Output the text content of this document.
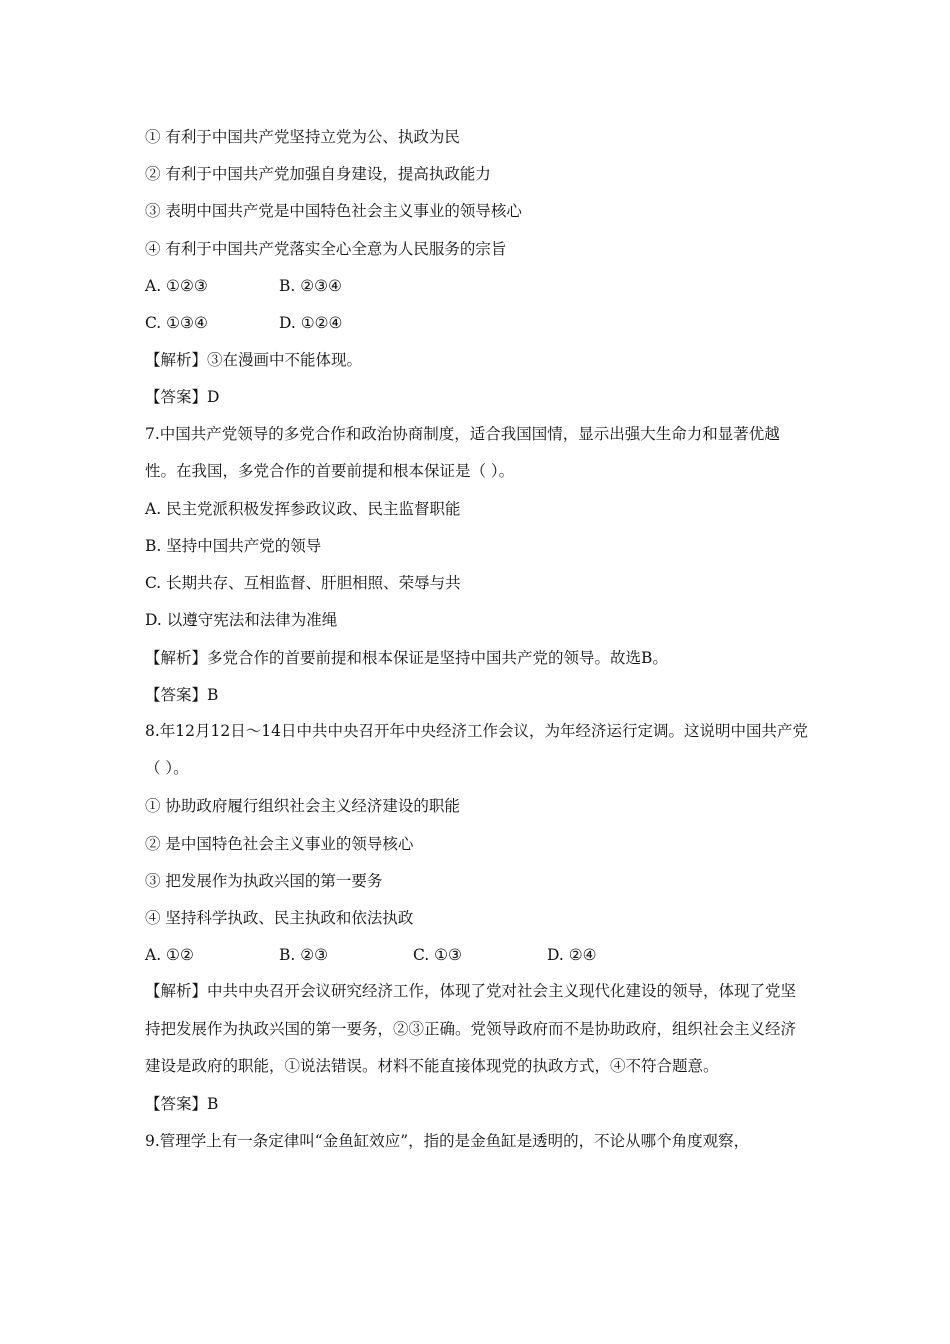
① 有利于中国共产党坚持立党为公、执政为民
② 有利于中国共产党加强自身建设，提高执政能力
③ 表明中国共产党是中国特色社会主义事业的领导核心
④ 有利于中国共产党落实全心全意为人民服务的宗旨
A. ①②③	B. ②③④
C. ①③④	D. ①②④
【解析】③在漫画中不能体现。
【答案】D
7.中国共产党领导的多党合作和政治协商制度，适合我国国情，显示出强大生命力和显著优越性。在我国，多党合作的首要前提和根本保证是（ ）。
A. 民主党派积极发挥参政议政、民主监督职能
B. 坚持中国共产党的领导
C. 长期共存、互相监督、肝胆相照、荣辱与共
D. 以遵守宪法和法律为准绳
【解析】多党合作的首要前提和根本保证是坚持中国共产党的领导。故选B。
【答案】B
8.年12月12日～14日中共中央召开年中央经济工作会议，为年经济运行定调。这说明中国共产党（ ）。
① 协助政府履行组织社会主义经济建设的职能
② 是中国特色社会主义事业的领导核心
③ 把发展作为执政兴国的第一要务
④ 坚持科学执政、民主执政和依法执政
A. ①②	B. ②③	C. ①③	D. ②④
【解析】中共中央召开会议研究经济工作，体现了党对社会主义现代化建设的领导，体现了党坚持把发展作为执政兴国的第一要务，②③正确。党领导政府而不是协助政府，组织社会主义经济建设是政府的职能，①说法错误。材料不能直接体现党的执政方式，④不符合题意。
【答案】B
9.管理学上有一条定律叫“金鱼缸效应”，指的是金鱼缸是透明的，不论从哪个角度观察，
